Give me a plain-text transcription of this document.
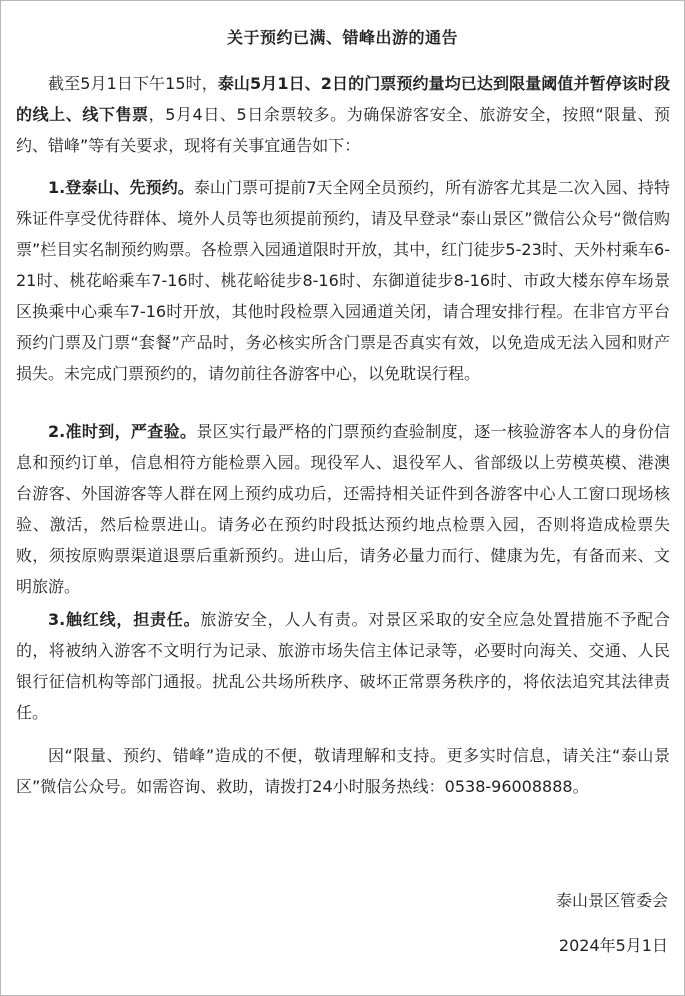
关于预约已满、错峰出游的通告

截至5月1日下午15时，泰山5月1日、2日的门票预约量均已达到限量阈值并暂停该时段的线上、线下售票，5月4日、5日余票较多。为确保游客安全、旅游安全，按照“限量、预约、错峰”等有关要求，现将有关事宜通告如下：

1.登泰山、先预约。泰山门票可提前7天全网全员预约，所有游客尤其是二次入园、持特殊证件享受优待群体、境外人员等也须提前预约，请及早登录“泰山景区”微信公众号“微信购票”栏目实名制预约购票。各检票入园通道限时开放，其中，红门徒步5-23时、天外村乘车6-21时、桃花峪乘车7-16时、桃花峪徒步8-16时、东御道徒步8-16时、市政大楼东停车场景区换乘中心乘车7-16时开放，其他时段检票入园通道关闭，请合理安排行程。在非官方平台预约门票及门票“套餐”产品时，务必核实所含门票是否真实有效，以免造成无法入园和财产损失。未完成门票预约的，请勿前往各游客中心，以免耽误行程。

2.准时到，严查验。景区实行最严格的门票预约查验制度，逐一核验游客本人的身份信息和预约订单，信息相符方能检票入园。现役军人、退役军人、省部级以上劳模英模、港澳台游客、外国游客等人群在网上预约成功后，还需持相关证件到各游客中心人工窗口现场核验、激活，然后检票进山。请务必在预约时段抵达预约地点检票入园，否则将造成检票失败，须按原购票渠道退票后重新预约。进山后，请务必量力而行、健康为先，有备而来、文明旅游。

3.触红线，担责任。旅游安全，人人有责。对景区采取的安全应急处置措施不予配合的，将被纳入游客不文明行为记录、旅游市场失信主体记录等，必要时向海关、交通、人民银行征信机构等部门通报。扰乱公共场所秩序、破坏正常票务秩序的，将依法追究其法律责任。

因“限量、预约、错峰”造成的不便，敬请理解和支持。更多实时信息，请关注“泰山景区”微信公众号。如需咨询、救助，请拨打24小时服务热线：0538-96008888。

泰山景区管委会
2024年5月1日
